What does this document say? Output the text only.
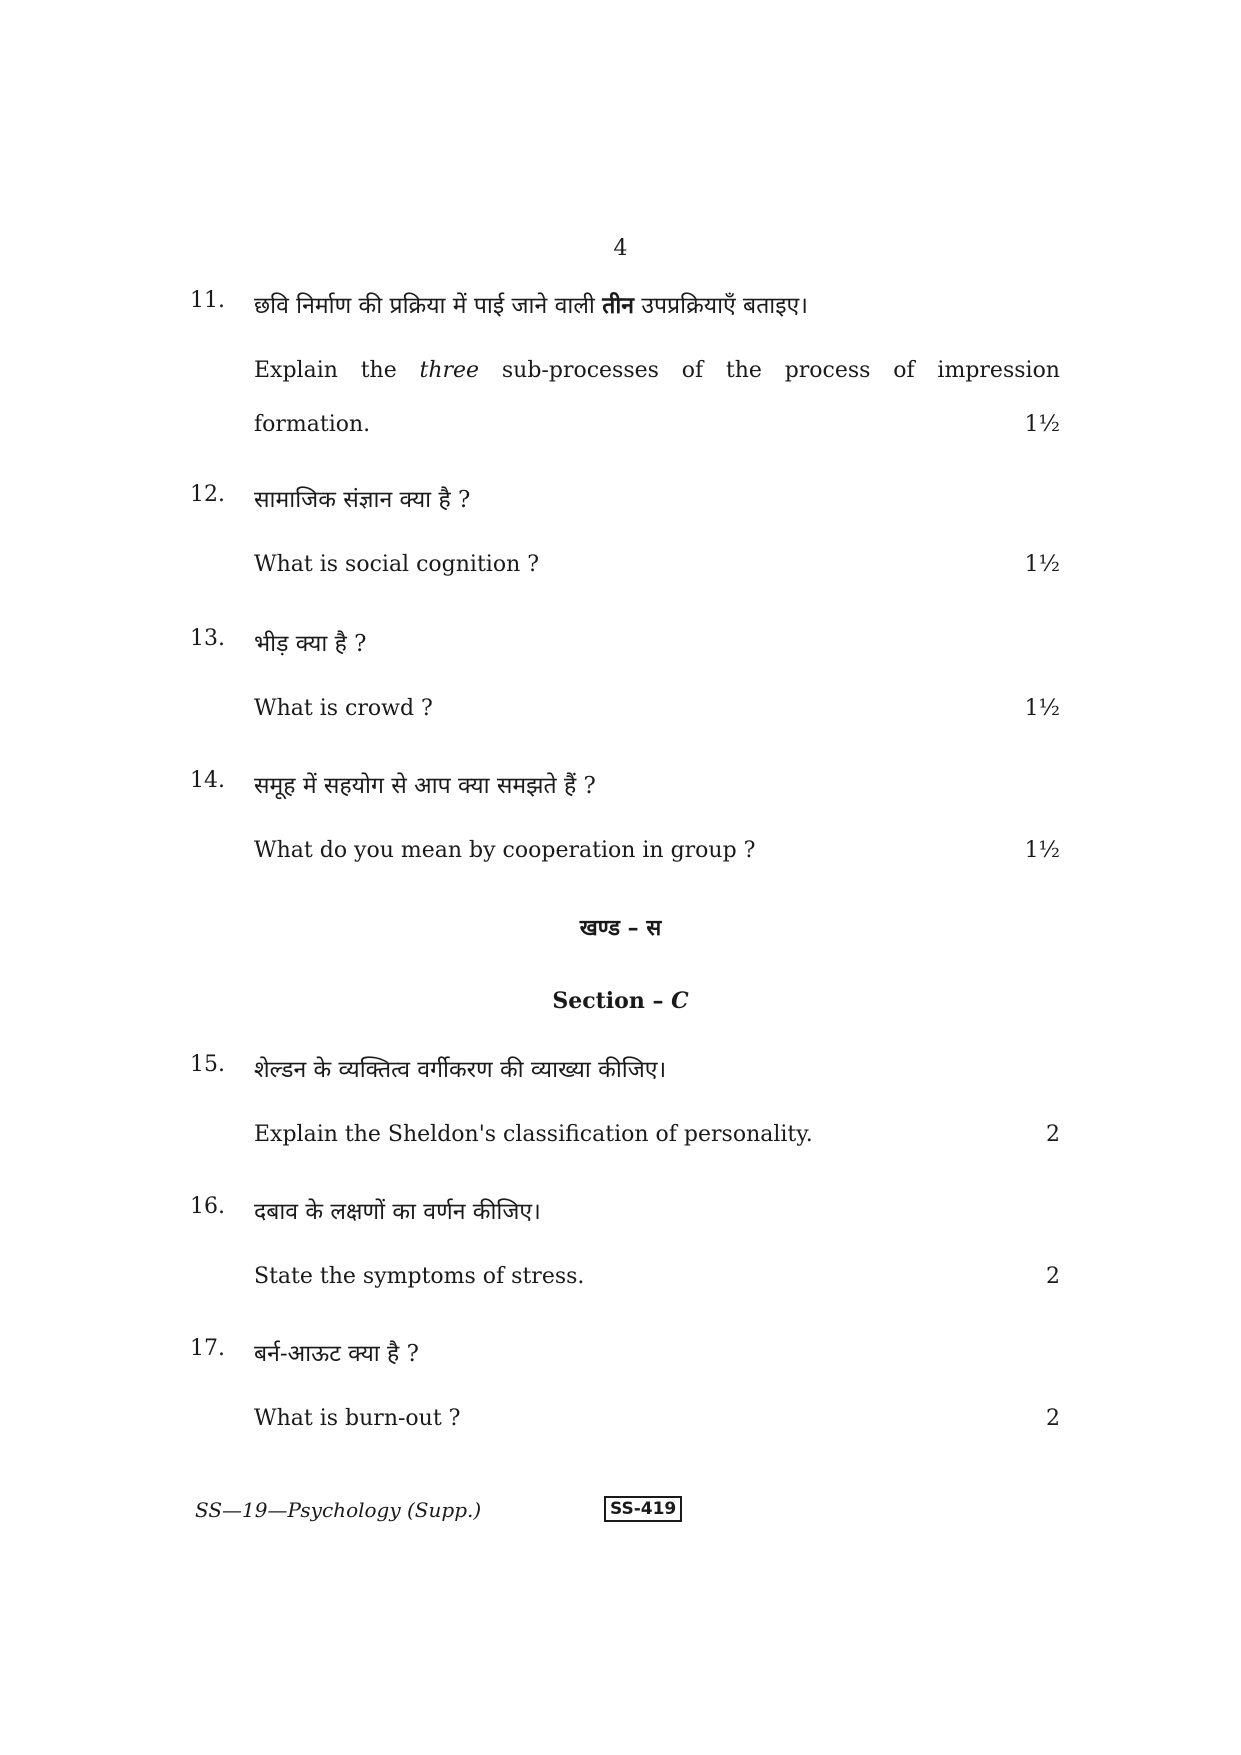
4
11. छवि निर्माण की प्रक्रिया में पाई जाने वाली तीन उपप्रक्रियाएँ बताइए।
Explain the three sub-processes of the process of impression
formation.	1½
12. सामाजिक संज्ञान क्या है ?
What is social cognition ?	1½
13. भीड़ क्या है ?
What is crowd ?	1½
14. समूह में सहयोग से आप क्या समझते हैं ?
What do you mean by cooperation in group ?	1½
खण्ड – स
Section – C
15. शेल्डन के व्यक्तित्व वर्गीकरण की व्याख्या कीजिए।
Explain the Sheldon's classification of personality.	2
16. दबाव के लक्षणों का वर्णन कीजिए।
State the symptoms of stress.	2
17. बर्न-आऊट क्या है ?
What is burn-out ?	2
SS—19—Psychology (Supp.)	SS-419
